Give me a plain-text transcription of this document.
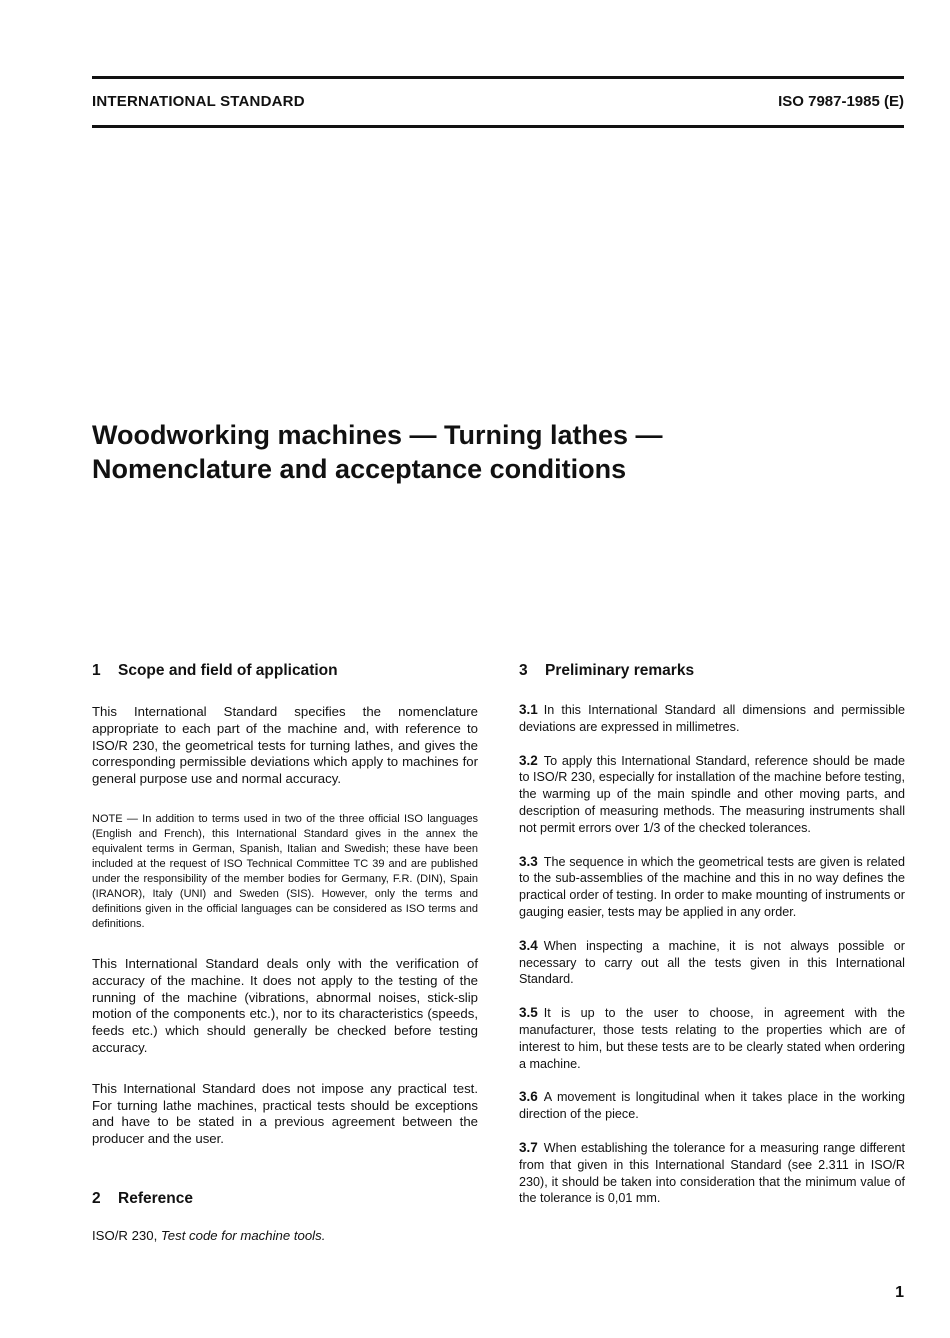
INTERNATIONAL STANDARD	ISO 7987-1985 (E)
Woodworking machines — Turning lathes —
Nomenclature and acceptance conditions
1 Scope and field of application

This International Standard specifies the nomenclature appropriate to each part of the machine and, with reference to ISO/R 230, the geometrical tests for turning lathes, and gives the corresponding permissible deviations which apply to machines for general purpose use and normal accuracy.

NOTE — In addition to terms used in two of the three official ISO languages (English and French), this International Standard gives in the annex the equivalent terms in German, Spanish, Italian and Swedish; these have been included at the request of ISO Technical Committee TC 39 and are published under the responsibility of the member bodies for Germany, F.R. (DIN), Spain (IRANOR), Italy (UNI) and Sweden (SIS). However, only the terms and definitions given in the official languages can be considered as ISO terms and definitions.

This International Standard deals only with the verification of accuracy of the machine. It does not apply to the testing of the running of the machine (vibrations, abnormal noises, stick-slip motion of the components etc.), nor to its characteristics (speeds, feeds etc.) which should generally be checked before testing accuracy.

This International Standard does not impose any practical test. For turning lathe machines, practical tests should be exceptions and have to be stated in a previous agreement between the producer and the user.

2 Reference

ISO/R 230, Test code for machine tools.

3 Preliminary remarks

3.1 In this International Standard all dimensions and permissible deviations are expressed in millimetres.

3.2 To apply this International Standard, reference should be made to ISO/R 230, especially for installation of the machine before testing, the warming up of the main spindle and other moving parts, and description of measuring methods. The measuring instruments shall not permit errors over 1/3 of the checked tolerances.

3.3 The sequence in which the geometrical tests are given is related to the sub-assemblies of the machine and this in no way defines the practical order of testing. In order to make mounting of instruments or gauging easier, tests may be applied in any order.

3.4 When inspecting a machine, it is not always possible or necessary to carry out all the tests given in this International Standard.

3.5 It is up to the user to choose, in agreement with the manufacturer, those tests relating to the properties which are of interest to him, but these tests are to be clearly stated when ordering a machine.

3.6 A movement is longitudinal when it takes place in the working direction of the piece.

3.7 When establishing the tolerance for a measuring range different from that given in this International Standard (see 2.311 in ISO/R 230), it should be taken into consideration that the minimum value of the tolerance is 0,01 mm.

1
